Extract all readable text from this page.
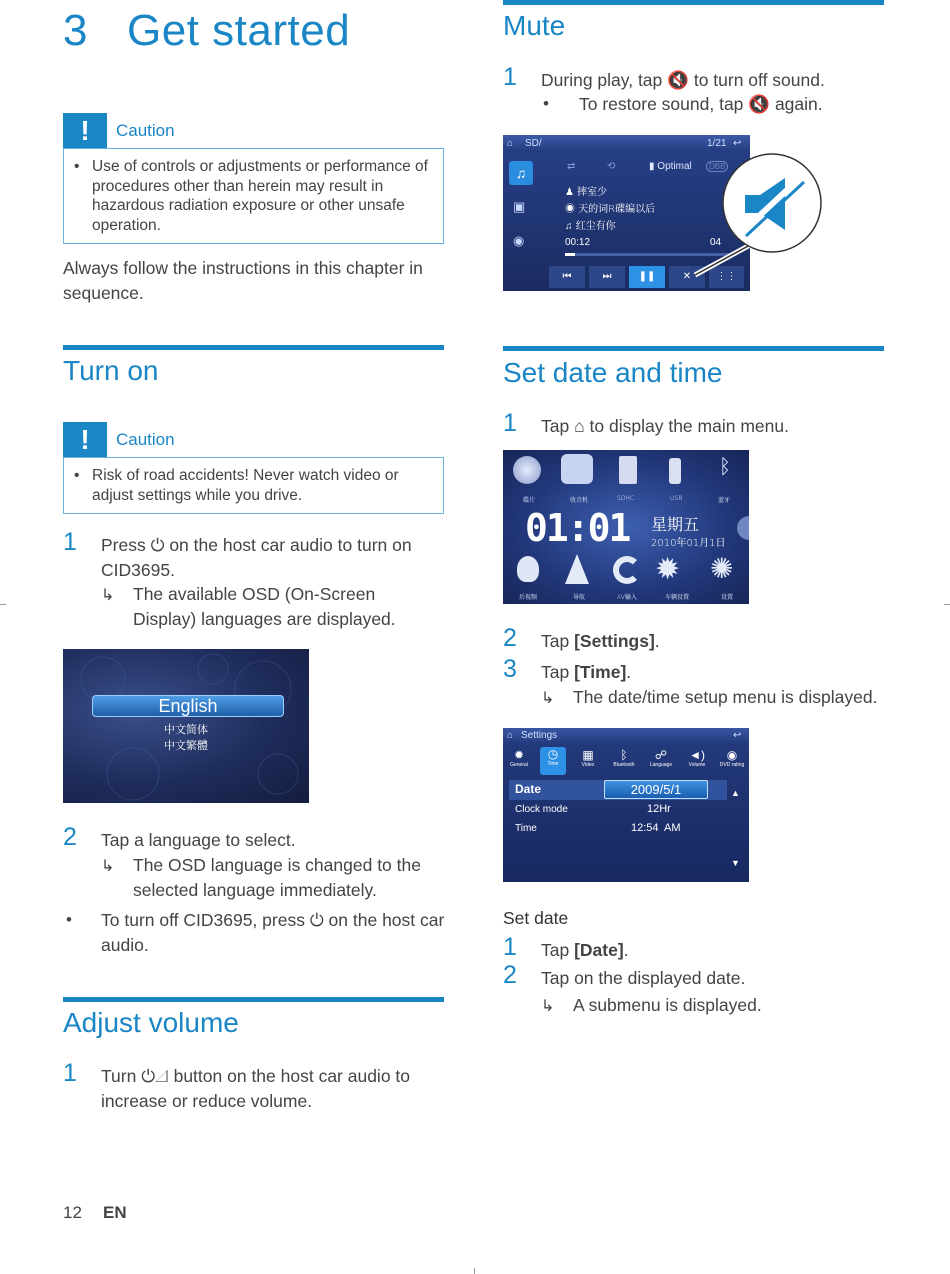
3 Get started
!	Caution
• Use of controls or adjustments or performance of procedures other than herein may result in hazardous radiation exposure or other unsafe operation.
Always follow the instructions in this chapter in sequence.
Turn on
!	Caution
• Risk of road accidents! Never watch video or adjust settings while you drive.
1 Press ⏻ on the host car audio to turn on CID3695.
↳ The available OSD (On-Screen Display) languages are displayed.
English
中文简体
中文繁體
2 Tap a language to select.
↳ The OSD language is changed to the selected language immediately.
• To turn off CID3695, press ⏻ on the host car audio.
Adjust volume
1 Turn ⏻◿ button on the host car audio to increase or reduce volume.
12 EN
Mute
1 During play, tap 🔇 to turn off sound.
• To restore sound, tap 🔇 again.
⌂ SD/	1/21 ↩
♫
▣
◉
⇄	⟲	▮ Optimal	DBB
♟ 摔室少
◉ 天的词R碟编以后
♫ 红尘有你
00:12	04
⏮	⏭	❚❚	✕	⋮⋮
Set date and time
1 Tap ⌂ to display the main menu.
ᛒ
碟片	收音机	SDHC	USB	蓝牙
01:01 星期五
2010年01月1日
✹ ✺
后视频	导航	AV输入	车辆设置	设置
2 Tap [Settings].
3 Tap [Time].
↳ The date/time setup menu is displayed.
⌂ Settings	↩
✹
General
◷
Time
▦
Video
ᛒ
Bluetooth
☍
Language
◄)
Volume
◉
DVD rating
Date	2009/5/1
Clock mode	12Hr
Time	12:54  AM
▲
▼
Set date
1 Tap [Date].
2 Tap on the displayed date.
↳ A submenu is displayed.
